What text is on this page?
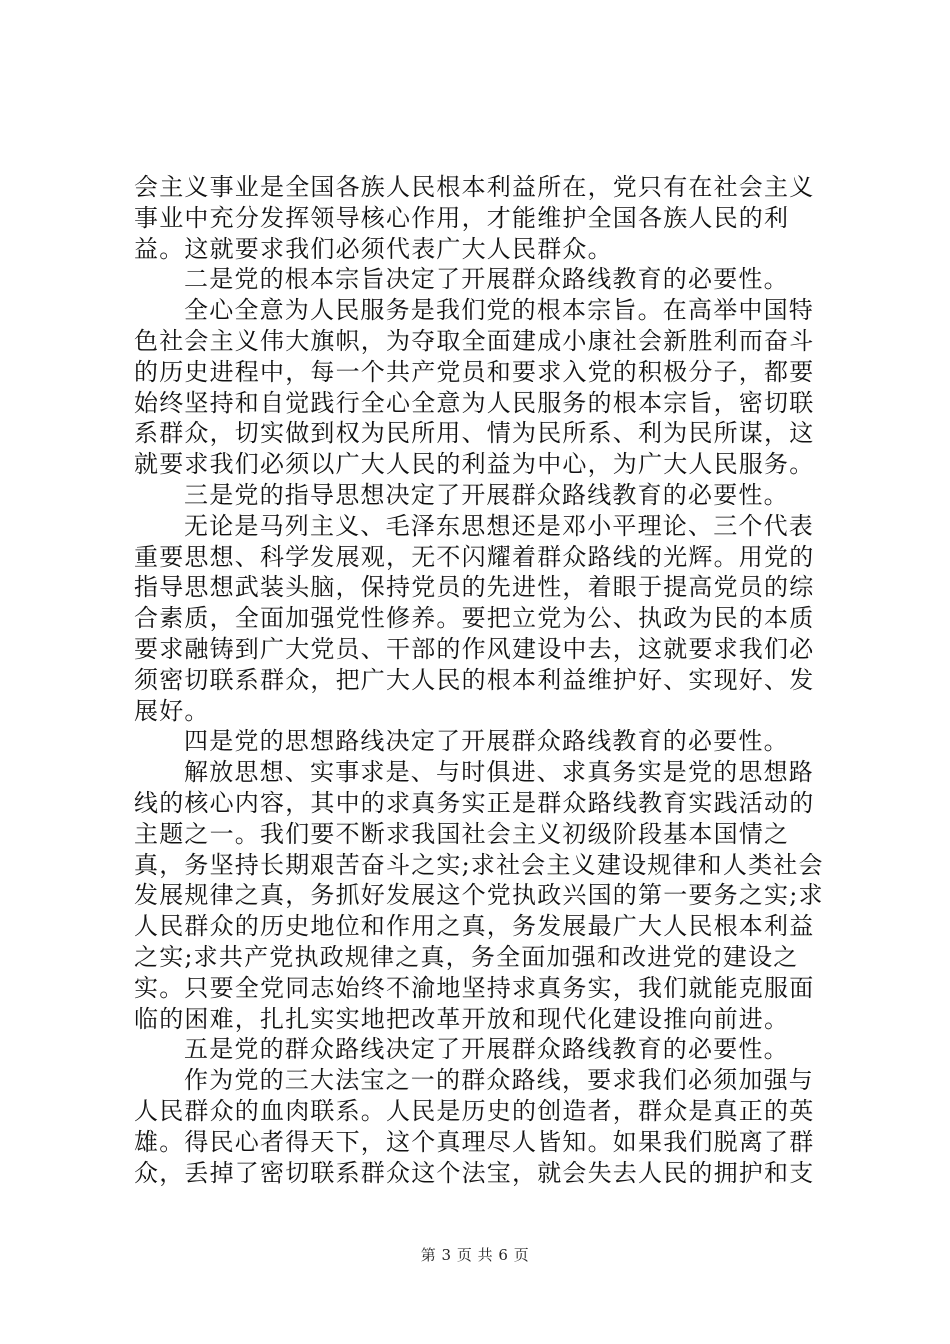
会主义事业是全国各族人民根本利益所在，党只有在社会主义事业中充分发挥领导核心作用，才能维护全国各族人民的利益。这就要求我们必须代表广大人民群众。

二是党的根本宗旨决定了开展群众路线教育的必要性。

全心全意为人民服务是我们党的根本宗旨。在高举中国特色社会主义伟大旗帜，为夺取全面建成小康社会新胜利而奋斗的历史进程中，每一个共产党员和要求入党的积极分子，都要始终坚持和自觉践行全心全意为人民服务的根本宗旨，密切联系群众，切实做到权为民所用、情为民所系、利为民所谋，这就要求我们必须以广大人民的利益为中心，为广大人民服务。

三是党的指导思想决定了开展群众路线教育的必要性。

无论是马列主义、毛泽东思想还是邓小平理论、三个代表重要思想、科学发展观，无不闪耀着群众路线的光辉。用党的指导思想武装头脑，保持党员的先进性，着眼于提高党员的综合素质，全面加强党性修养。要把立党为公、执政为民的本质要求融铸到广大党员、干部的作风建设中去，这就要求我们必须密切联系群众，把广大人民的根本利益维护好、实现好、发展好。

四是党的思想路线决定了开展群众路线教育的必要性。

解放思想、实事求是、与时俱进、求真务实是党的思想路线的核心内容，其中的求真务实正是群众路线教育实践活动的主题之一。我们要不断求我国社会主义初级阶段基本国情之真，务坚持长期艰苦奋斗之实;求社会主义建设规律和人类社会发展规律之真，务抓好发展这个党执政兴国的第一要务之实;求人民群众的历史地位和作用之真，务发展最广大人民根本利益之实;求共产党执政规律之真，务全面加强和改进党的建设之实。只要全党同志始终不渝地坚持求真务实，我们就能克服面临的困难，扎扎实实地把改革开放和现代化建设推向前进。

五是党的群众路线决定了开展群众路线教育的必要性。

作为党的三大法宝之一的群众路线，要求我们必须加强与人民群众的血肉联系。人民是历史的创造者，群众是真正的英雄。得民心者得天下，这个真理尽人皆知。如果我们脱离了群众，丢掉了密切联系群众这个法宝，就会失去人民的拥护和支

第 3 页 共 6 页
